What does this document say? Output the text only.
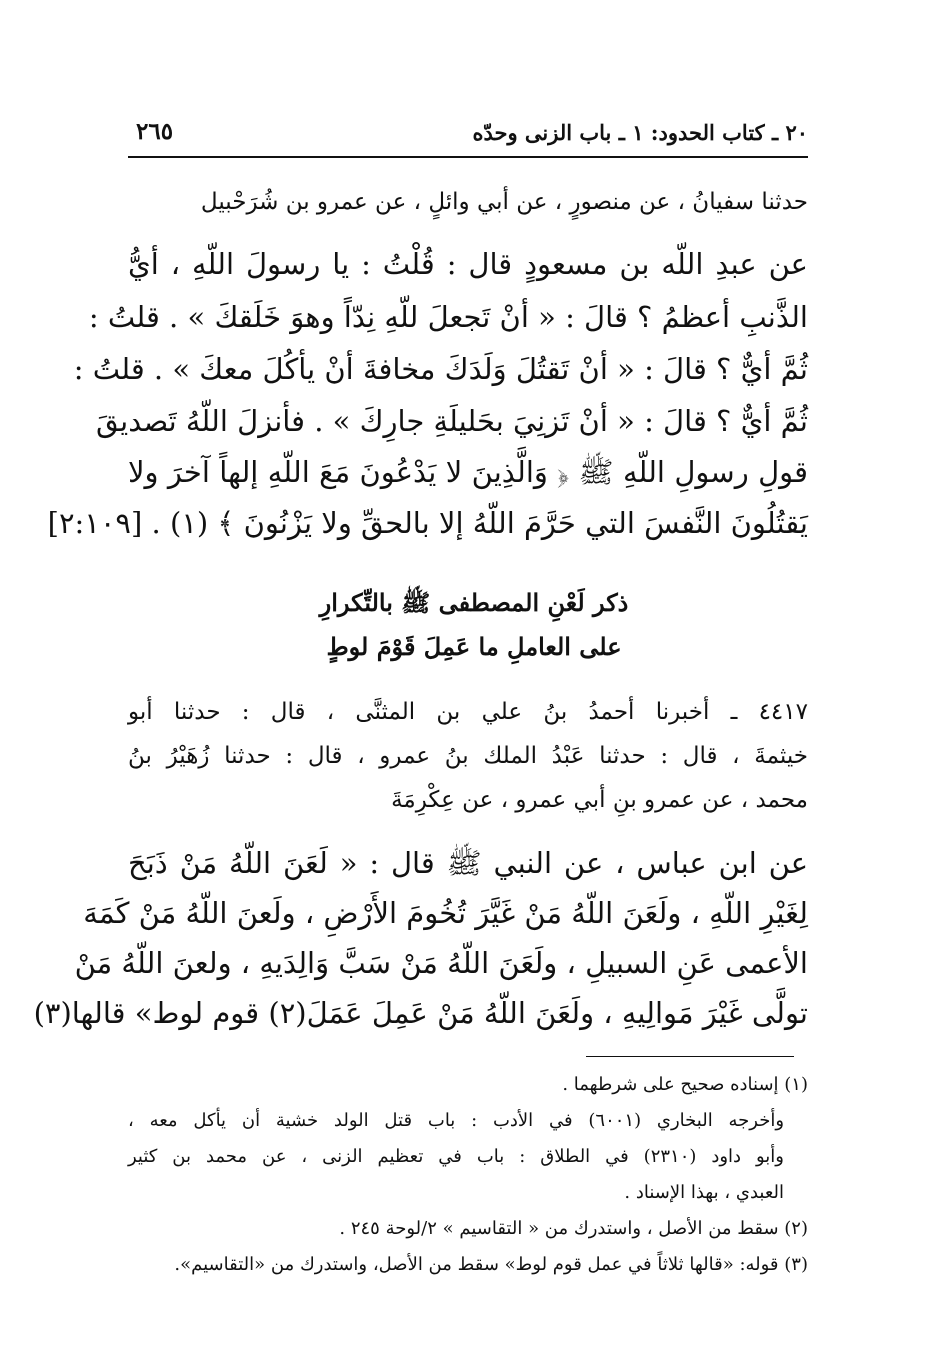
٢٠ ـ كتاب الحدود: ١ ـ باب الزنى وحدّه
٢٦٥
حدثنا سفيانُ ، عن منصورٍ ، عن أبي وائلٍ ، عن عمرو بن شُرَحْبيل
عن عبدِ اللّه بن مسعودٍ قال : قُلْتُ : يا رسولَ اللّهِ ، أيُّ
الذَّنبِ أعظمُ ؟ قالَ : « أنْ تَجعلَ للّهِ نِدّاً وهوَ خَلَقكَ » . قلتُ :
ثُمَّ أيٌّ ؟ قالَ : « أنْ تَقتُلَ وَلَدَكَ مخافةَ أنْ يأكُلَ معكَ » . قلتُ :
ثُمَّ أيٌّ ؟ قالَ : « أنْ تَزنِيَ بحَليلَةِ جارِكَ » . فأنزلَ اللّهُ تَصديقَ
قولِ رسولِ اللّهِ ﷺ ﴿ وَالَّذِينَ لا يَدْعُونَ مَعَ اللّهِ إلهاً آخرَ ولا
يَقتُلُونَ النَّفسَ التي حَرَّمَ اللّهُ إلا بالحقِّ ولا يَزْنُونَ ﴾ (١) . [٢:١٠٩]
ذكر لَعْنِ المصطفى ﷺ بالتِّكرارِ
على العاملِ ما عَمِلَ قَوْمَ لوطٍ
٤٤١٧ ـ أخبرنا أحمدُ بنُ علي بن المثنَّى ، قال : حدثنا أبو
خيثمةَ ، قال : حدثنا عَبْدُ الملك بنُ عمرو ، قال : حدثنا زُهَيْرُ بنُ
محمد ، عن عمرو بنِ أبي عمرو ، عن عِكْرِمَةَ
عن ابن عباس ، عن النبي ﷺ قال : « لَعَنَ اللّهُ مَنْ ذَبَحَ
لِغَيْرِ اللّهِ ، ولَعَنَ اللّهُ مَنْ غَيَّرَ تُخُومَ الأَرْضِ ، ولَعنَ اللّهُ مَنْ كَمَهَ
الأعمى عَنِ السبيلِ ، ولَعَنَ اللّهُ مَنْ سَبَّ وَالِدَيهِ ، ولعنَ اللّهُ مَنْ
تولَّى غَيْرَ مَوالِيهِ ، ولَعَنَ اللّهُ مَنْ عَمِلَ عَمَلَ(٢) قوم لوط» قالها(٣)
(١) إسناده صحيح على شرطهما .
وأخرجه البخاري (٦٠٠١) في الأدب : باب قتل الولد خشية أن يأكل معه ،
وأبو داود (٢٣١٠) في الطلاق : باب في تعظيم الزنى ، عن محمد بن كثير
العبدي ، بهذا الإسناد .
(٢) سقط من الأصل ، واستدرك من « التقاسيم » ٢/لوحة ٢٤٥ .
(٣) قوله: «قالها ثلاثاً في عمل قوم لوط» سقط من الأصل، واستدرك من «التقاسيم».
